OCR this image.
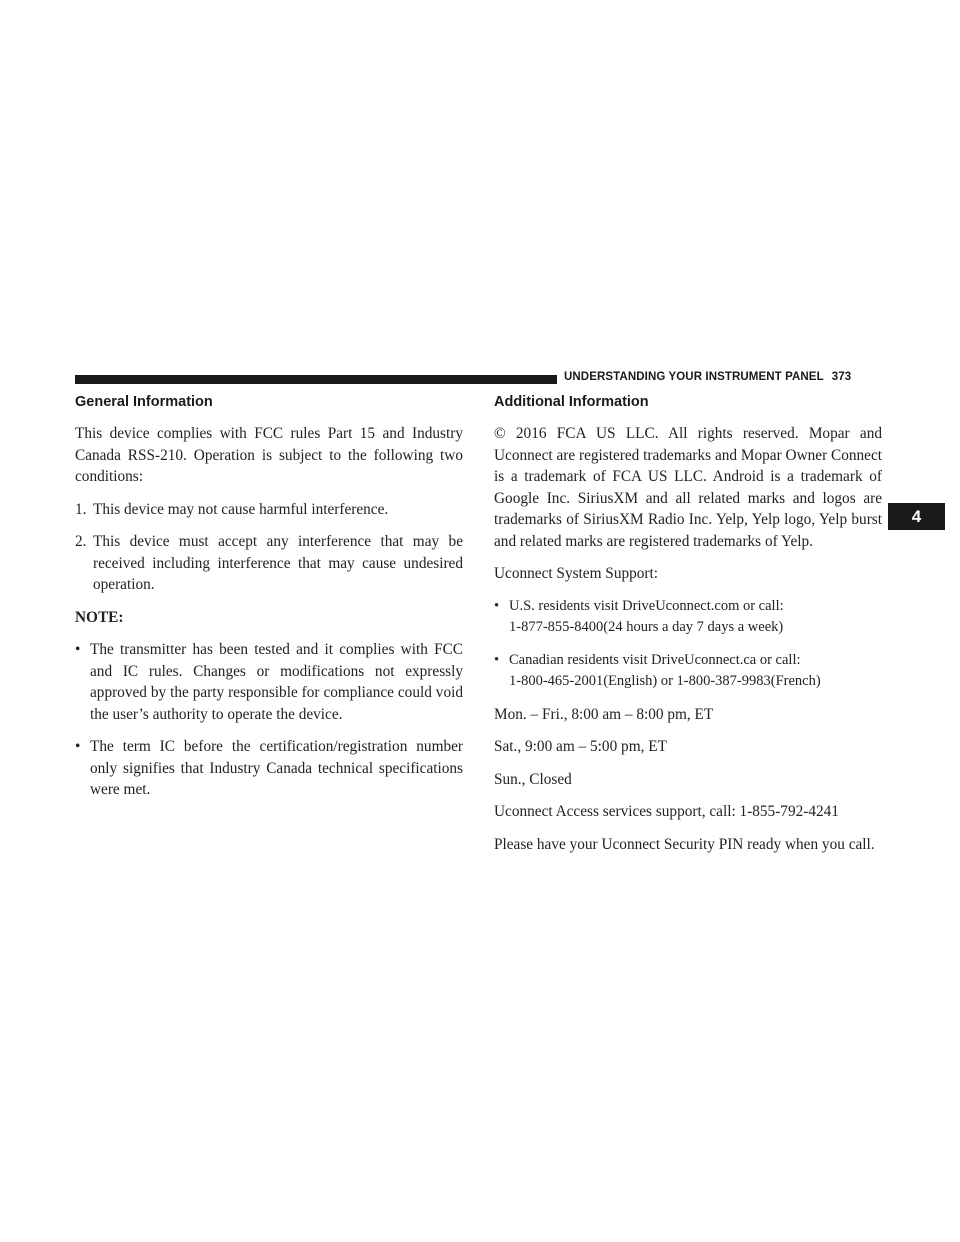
UNDERSTANDING YOUR INSTRUMENT PANEL 373
4
General Information

This device complies with FCC rules Part 15 and Industry Canada RSS-210. Operation is subject to the following two conditions:

1. This device may not cause harmful interference.
2. This device must accept any interference that may be received including interference that may cause undesired operation.
NOTE:
• The transmitter has been tested and it complies with FCC and IC rules. Changes or modifications not expressly approved by the party responsible for compliance could void the user’s authority to operate the device.
• The term IC before the certification/registration number only signifies that Industry Canada technical specifications were met.
Additional Information

© 2016 FCA US LLC. All rights reserved. Mopar and Uconnect are registered trademarks and Mopar Owner Connect is a trademark of FCA US LLC. Android is a trademark of Google Inc. SiriusXM and all related marks and logos are trademarks of SiriusXM Radio Inc. Yelp, Yelp logo, Yelp burst and related marks are registered trademarks of Yelp.

Uconnect System Support:

• U.S. residents visit DriveUconnect.com or call:
1-877-855-8400(24 hours a day 7 days a week)
• Canadian residents visit DriveUconnect.ca or call:
1-800-465-2001(English) or 1-800-387-9983(French)

Mon. – Fri., 8:00 am – 8:00 pm, ET

Sat., 9:00 am – 5:00 pm, ET

Sun., Closed

Uconnect Access services support, call: 1-855-792-4241

Please have your Uconnect Security PIN ready when you call.
